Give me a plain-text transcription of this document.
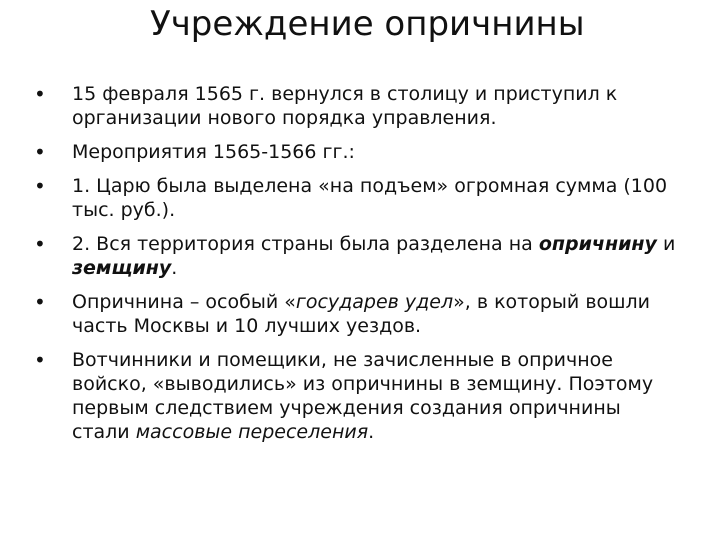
Учреждение опричнины
•	15 февраля 1565 г. вернулся в столицу и приступил к организации нового порядка управления.
•	Мероприятия 1565-1566 гг.:
•	1. Царю была выделена «на подъем» огромная сумма (100 тыс. руб.).
•	2. Вся территория страны была разделена на опричнину и земщину.
•	Опричнина – особый «государев удел», в который вошли часть Москвы и 10 лучших уездов.
•	Вотчинники и помещики, не зачисленные в опричное войско, «выводились» из опричнины в земщину. Поэтому первым следствием учреждения создания опричнины стали массовые переселения.
